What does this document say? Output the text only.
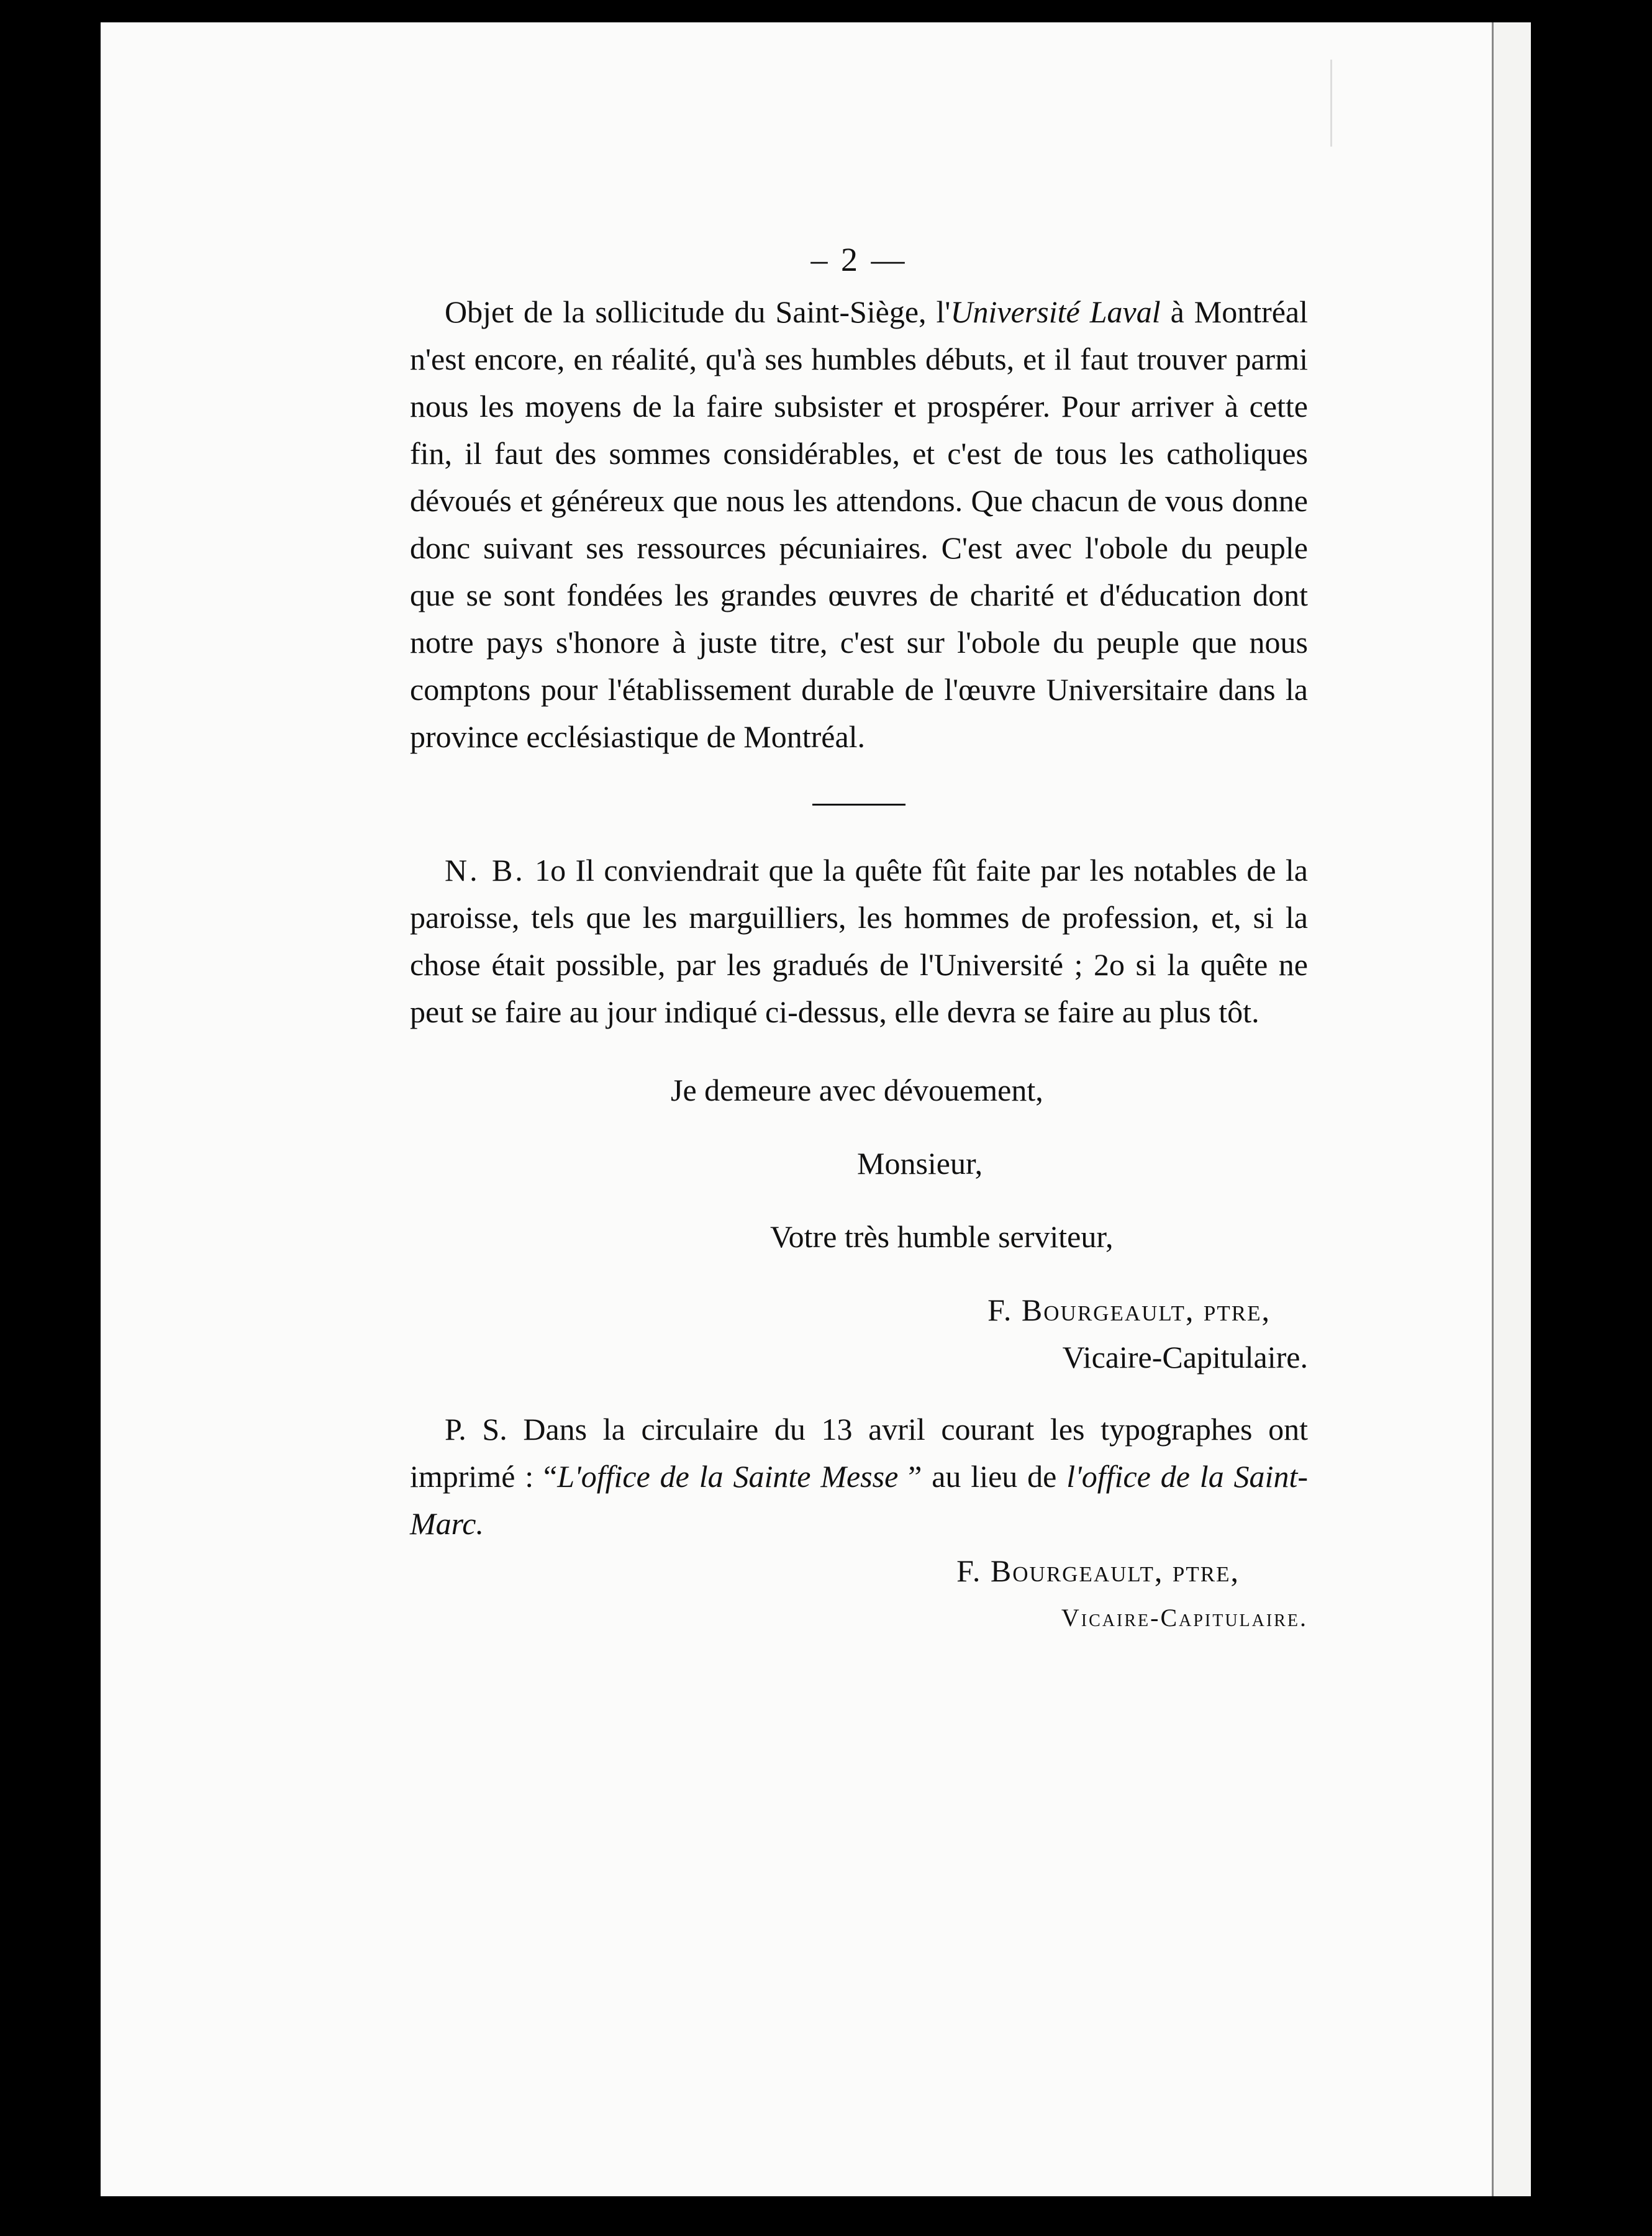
– 2 —

Objet de la sollicitude du Saint-Siège, l'Université Laval à Montréal n'est encore, en réalité, qu'à ses humbles débuts, et il faut trouver parmi nous les moyens de la faire subsister et prospérer. Pour arriver à cette fin, il faut des sommes considérables, et c'est de tous les catholiques dévoués et généreux que nous les attendons. Que chacun de vous donne donc suivant ses ressources pécuniaires. C'est avec l'obole du peuple que se sont fondées les grandes œuvres de charité et d'éducation dont notre pays s'honore à juste titre, c'est sur l'obole du peuple que nous comptons pour l'établissement durable de l'œuvre Universitaire dans la province ecclésiastique de Montréal.

N. B. 1o Il conviendrait que la quête fût faite par les notables de la paroisse, tels que les marguilliers, les hommes de profession, et, si la chose était possible, par les gradués de l'Université ; 2o si la quête ne peut se faire au jour indiqué ci-dessus, elle devra se faire au plus tôt.

Je demeure avec dévouement,
Monsieur,
Votre très humble serviteur,
F. Bourgeault, ptre,
Vicaire-Capitulaire.

P. S. Dans la circulaire du 13 avril courant les typographes ont imprimé : “L'office de la Sainte Messe ” au lieu de l'office de la Saint-Marc.

F. Bourgeault, ptre,
Vicaire-Capitulaire.
